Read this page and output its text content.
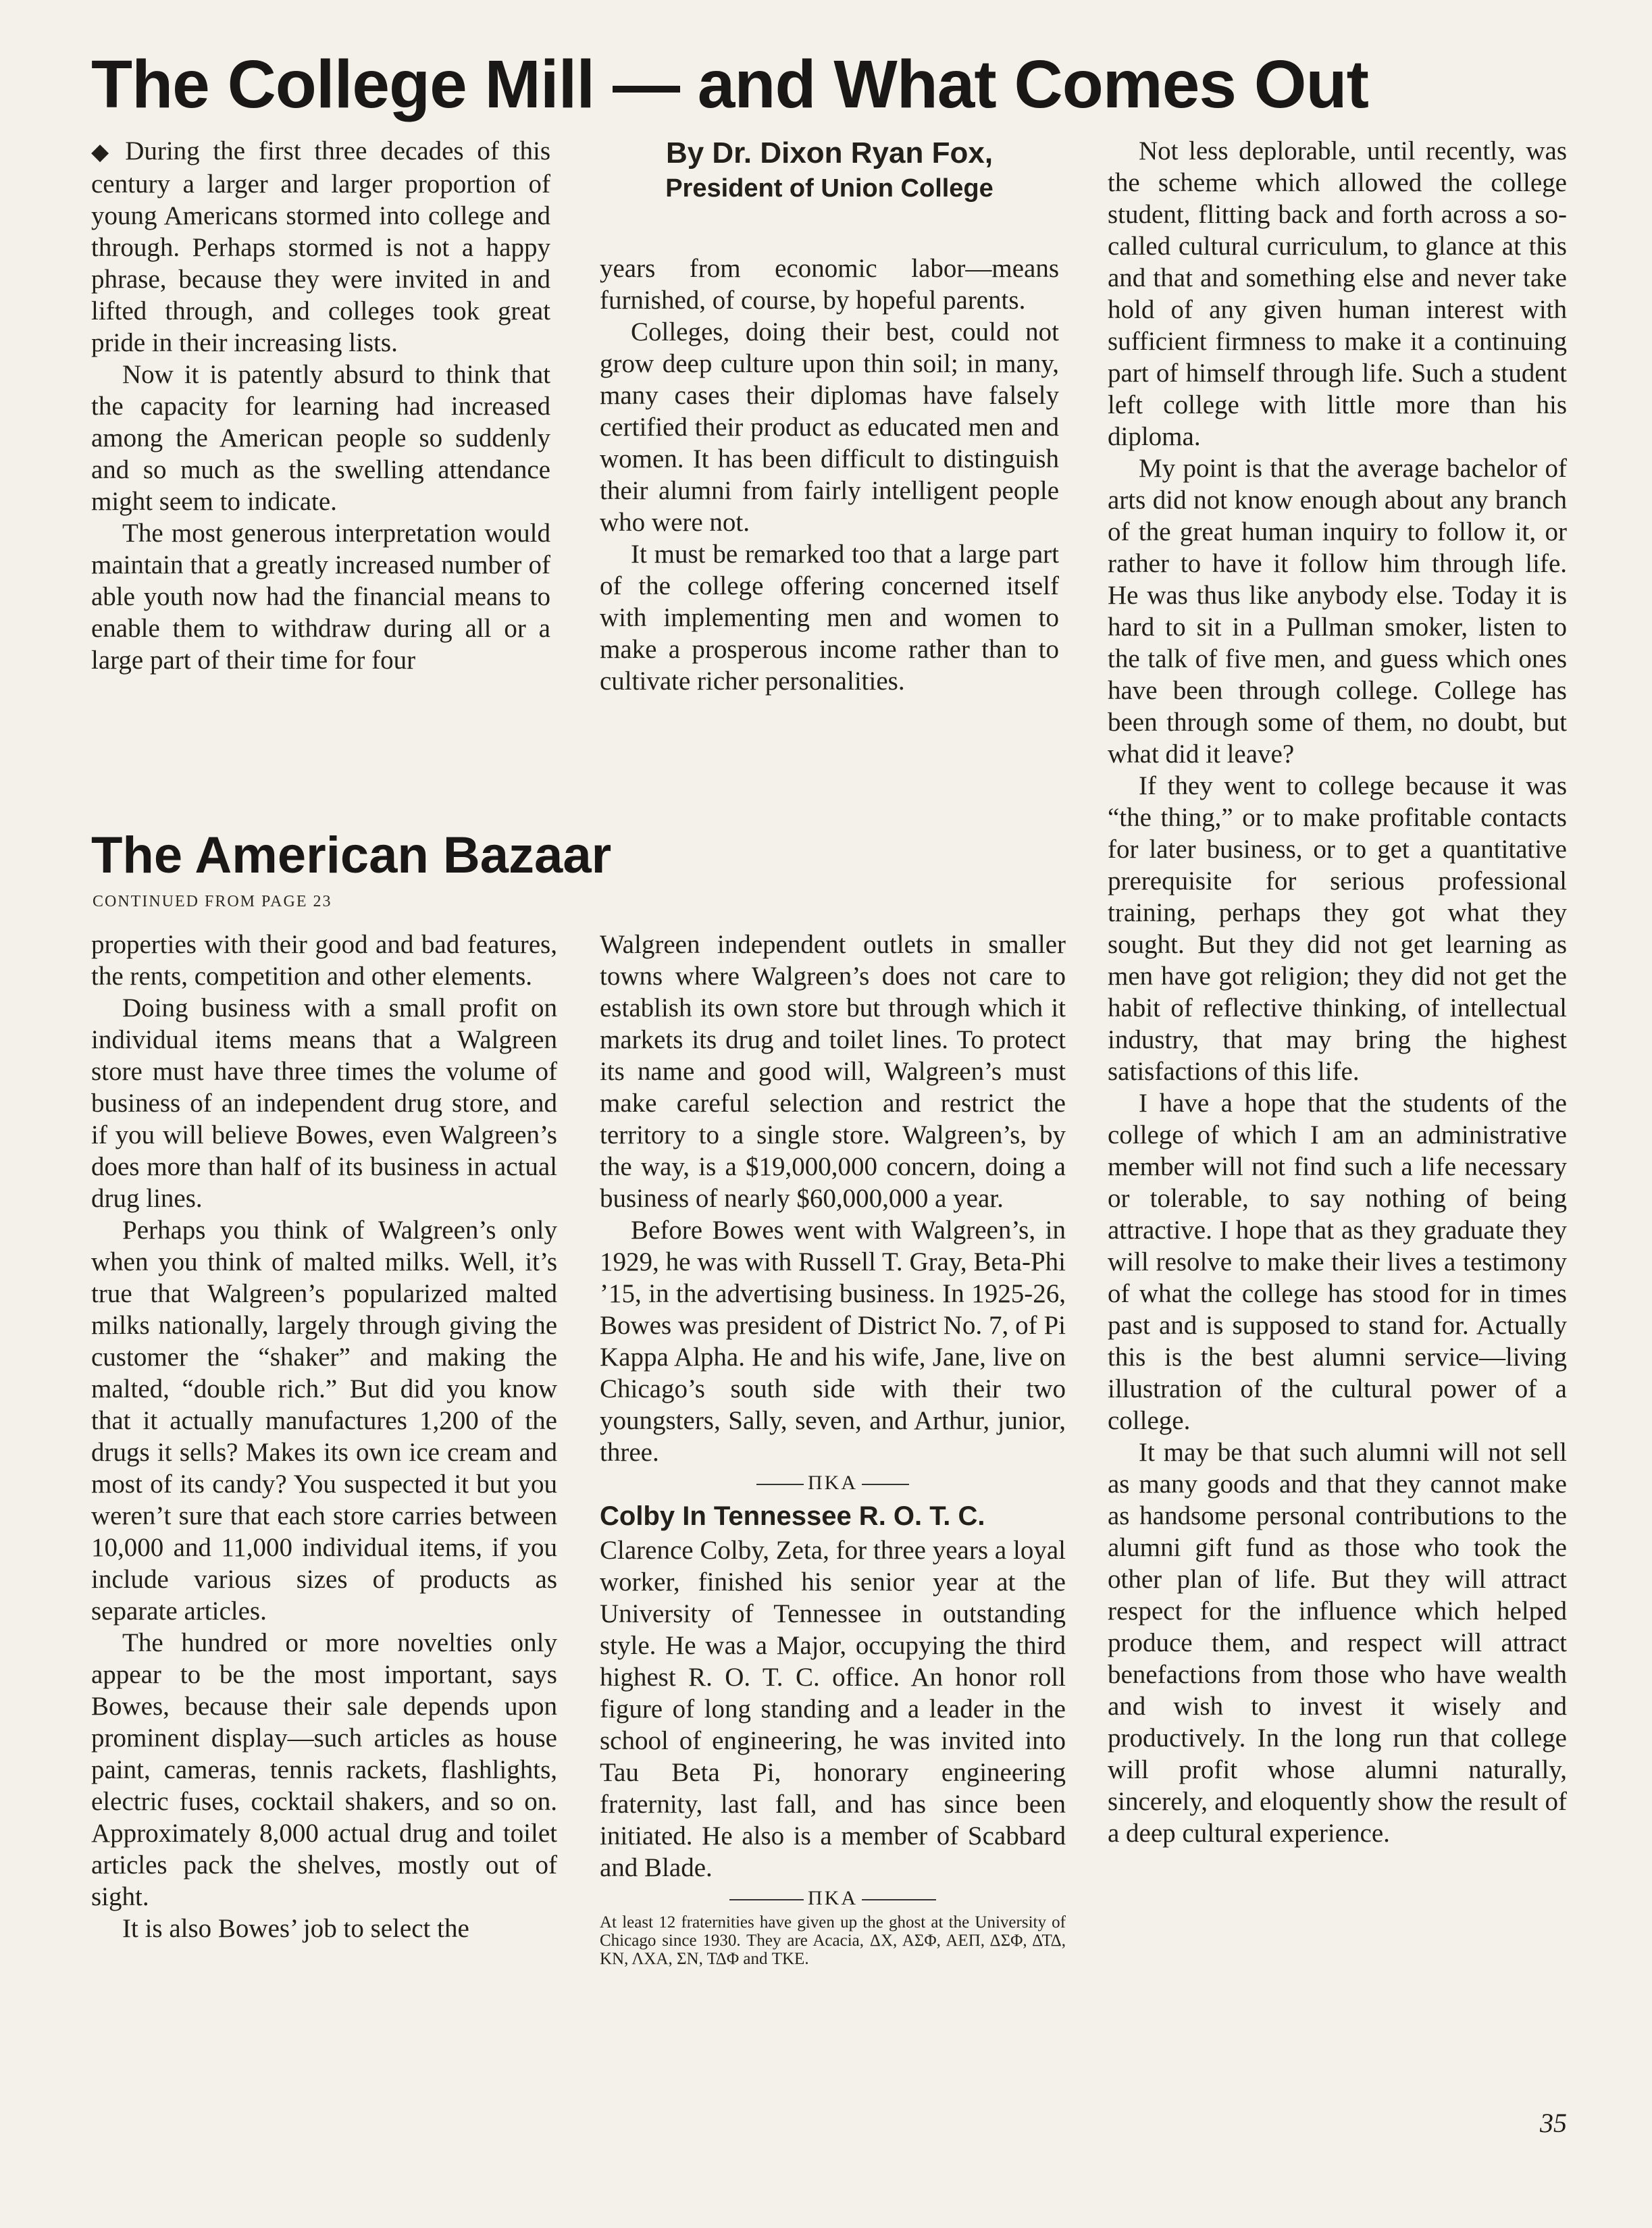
The College Mill — and What Comes Out

◆ During the first three decades of this century a larger and larger proportion of young Americans stormed into college and through. Perhaps stormed is not a happy phrase, because they were invited in and lifted through, and colleges took great pride in their increasing lists.

Now it is patently absurd to think that the capacity for learning had increased among the American people so suddenly and so much as the swelling attendance might seem to indicate.

The most generous interpretation would maintain that a greatly increased number of able youth now had the financial means to enable them to withdraw during all or a large part of their time for four

By Dr. Dixon Ryan Fox,
President of Union College

years from economic labor—means furnished, of course, by hopeful parents.

Colleges, doing their best, could not grow deep culture upon thin soil; in many, many cases their diplomas have falsely certified their product as educated men and women. It has been difficult to distinguish their alumni from fairly intelligent people who were not.

It must be remarked too that a large part of the college offering concerned itself with implementing men and women to make a prosperous income rather than to cultivate richer personalities.

Not less deplorable, until recently, was the scheme which allowed the college student, flitting back and forth across a so-called cultural curriculum, to glance at this and that and something else and never take hold of any given human interest with sufficient firmness to make it a continuing part of himself through life. Such a student left college with little more than his diploma.

My point is that the average bachelor of arts did not know enough about any branch of the great human inquiry to follow it, or rather to have it follow him through life. He was thus like anybody else. Today it is hard to sit in a Pullman smoker, listen to the talk of five men, and guess which ones have been through college. College has been through some of them, no doubt, but what did it leave?

If they went to college because it was “the thing,” or to make profitable contacts for later business, or to get a quantitative prerequisite for serious professional training, perhaps they got what they sought. But they did not get learning as men have got religion; they did not get the habit of reflective thinking, of intellectual industry, that may bring the highest satisfactions of this life.

I have a hope that the students of the college of which I am an administrative member will not find such a life necessary or tolerable, to say nothing of being attractive. I hope that as they graduate they will resolve to make their lives a testimony of what the college has stood for in times past and is supposed to stand for. Actually this is the best alumni service—living illustration of the cultural power of a college.

It may be that such alumni will not sell as many goods and that they cannot make as handsome personal contributions to the alumni gift fund as those who took the other plan of life. But they will attract respect for the influence which helped produce them, and respect will attract benefactions from those who have wealth and wish to invest it wisely and productively. In the long run that college will profit whose alumni naturally, sincerely, and eloquently show the result of a deep cultural experience.

The American Bazaar
CONTINUED FROM PAGE 23

properties with their good and bad features, the rents, competition and other elements.

Doing business with a small profit on individual items means that a Walgreen store must have three times the volume of business of an independent drug store, and if you will believe Bowes, even Walgreen’s does more than half of its business in actual drug lines.

Perhaps you think of Walgreen’s only when you think of malted milks. Well, it’s true that Walgreen’s popularized malted milks nationally, largely through giving the customer the “shaker” and making the malted, “double rich.” But did you know that it actually manufactures 1,200 of the drugs it sells? Makes its own ice cream and most of its candy? You suspected it but you weren’t sure that each store carries between 10,000 and 11,000 individual items, if you include various sizes of products as separate articles.

The hundred or more novelties only appear to be the most important, says Bowes, because their sale depends upon prominent display—such articles as house paint, cameras, tennis rackets, flashlights, electric fuses, cocktail shakers, and so on. Approximately 8,000 actual drug and toilet articles pack the shelves, mostly out of sight.

It is also Bowes’ job to select the

Walgreen independent outlets in smaller towns where Walgreen’s does not care to establish its own store but through which it markets its drug and toilet lines. To protect its name and good will, Walgreen’s must make careful selection and restrict the territory to a single store. Walgreen’s, by the way, is a $19,000,000 concern, doing a business of nearly $60,000,000 a year.

Before Bowes went with Walgreen’s, in 1929, he was with Russell T. Gray, Beta-Phi ’15, in the advertising business. In 1925-26, Bowes was president of District No. 7, of Pi Kappa Alpha. He and his wife, Jane, live on Chicago’s south side with their two youngsters, Sally, seven, and Arthur, junior, three.

ΠΚΑ

Colby In Tennessee R. O. T. C.

Clarence Colby, Zeta, for three years a loyal worker, finished his senior year at the University of Tennessee in outstanding style. He was a Major, occupying the third highest R. O. T. C. office. An honor roll figure of long standing and a leader in the school of engineering, he was invited into Tau Beta Pi, honorary engineering fraternity, last fall, and has since been initiated. He also is a member of Scabbard and Blade.

ΠΚΑ

At least 12 fraternities have given up the ghost at the University of Chicago since 1930. They are Acacia, ΔΧ, ΑΣΦ, ΑΕΠ, ΔΣΦ, ΔΤΔ, ΚΝ, ΛΧΑ, ΣΝ, ΤΔΦ and ΤΚΕ.

35
